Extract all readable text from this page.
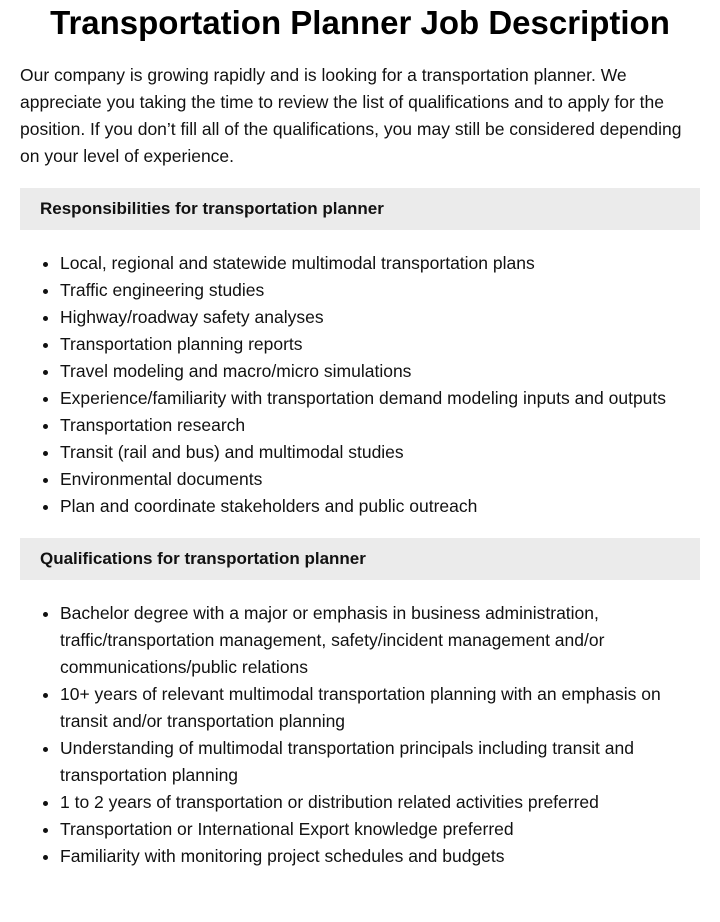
Transportation Planner Job Description

Our company is growing rapidly and is looking for a transportation planner. We appreciate you taking the time to review the list of qualifications and to apply for the position. If you don’t fill all of the qualifications, you may still be considered depending on your level of experience.

Responsibilities for transportation planner
• Local, regional and statewide multimodal transportation plans
• Traffic engineering studies
• Highway/roadway safety analyses
• Transportation planning reports
• Travel modeling and macro/micro simulations
• Experience/familiarity with transportation demand modeling inputs and outputs
• Transportation research
• Transit (rail and bus) and multimodal studies
• Environmental documents
• Plan and coordinate stakeholders and public outreach
Qualifications for transportation planner
• Bachelor degree with a major or emphasis in business administration, traffic/transportation management, safety/incident management and/or communications/public relations
• 10+ years of relevant multimodal transportation planning with an emphasis on transit and/or transportation planning
• Understanding of multimodal transportation principals including transit and transportation planning
• 1 to 2 years of transportation or distribution related activities preferred
• Transportation or International Export knowledge preferred
• Familiarity with monitoring project schedules and budgets
